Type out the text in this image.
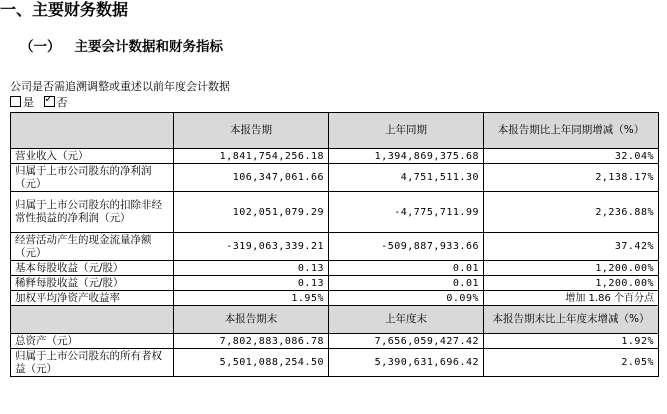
一、主要财务数据
（一） 主要会计数据和财务指标
公司是否需追溯调整或重述以前年度会计数据
是 ✓ 否
	本报告期	上年同期	本报告期比上年同期增减（%）
营业收入（元）	1,841,754,256.18	1,394,869,375.68	32.04%
归属于上市公司股东的净利润（元）	106,347,061.66	4,751,511.30	2,138.17%
归属于上市公司股东的扣除非经常性损益的净利润（元）	102,051,079.29	-4,775,711.99	2,236.88%
经营活动产生的现金流量净额（元）	-319,063,339.21	-509,887,933.66	37.42%
基本每股收益（元/股）	0.13	0.01	1,200.00%
稀释每股收益（元/股）	0.13	0.01	1,200.00%
加权平均净资产收益率	1.95%	0.09%	增加 1.86 个百分点
	本报告期末	上年度末	本报告期末比上年度末增减（%）
总资产（元）	7,802,883,086.78	7,656,059,427.42	1.92%
归属于上市公司股东的所有者权益（元）	5,501,088,254.50	5,390,631,696.42	2.05%
